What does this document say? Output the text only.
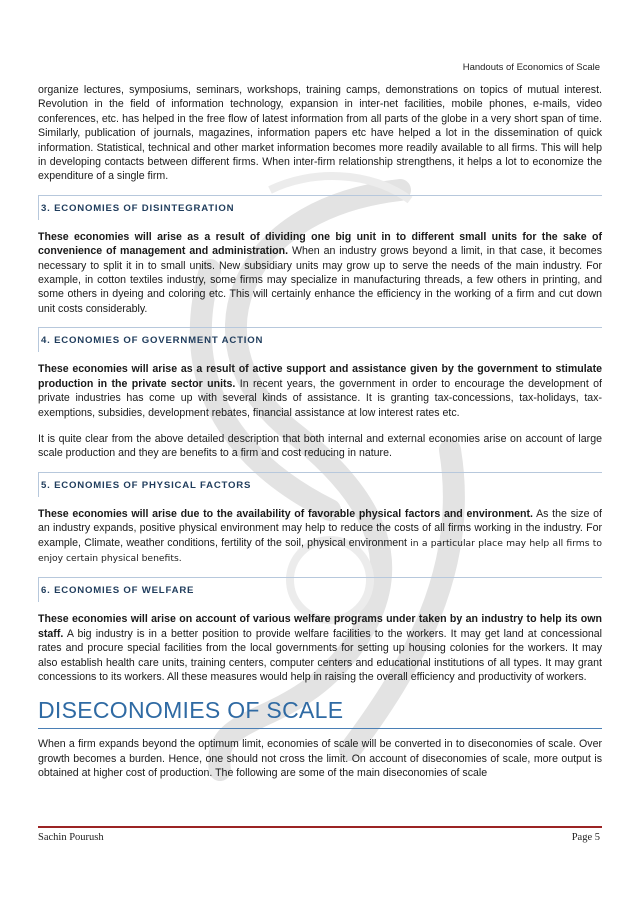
Handouts of Economics of Scale

organize lectures, symposiums, seminars, workshops, training camps, demonstrations on topics of mutual interest. Revolution in the field of information technology, expansion in inter-net facilities, mobile phones, e-mails, video conferences, etc. has helped in the free flow of latest information from all parts of the globe in a very short span of time. Similarly, publication of journals, magazines, information papers etc have helped a lot in the dissemination of quick information. Statistical, technical and other market information becomes more readily available to all firms. This will help in developing contacts between different firms. When inter-firm relationship strengthens, it helps a lot to economize the expenditure of a single firm.

3. ECONOMIES OF DISINTEGRATION

These economies will arise as a result of dividing one big unit in to different small units for the sake of convenience of management and administration. When an industry grows beyond a limit, in that case, it becomes necessary to split it in to small units. New subsidiary units may grow up to serve the needs of the main industry. For example, in cotton textiles industry, some firms may specialize in manufacturing threads, a few others in printing, and some others in dyeing and coloring etc. This will certainly enhance the efficiency in the working of a firm and cut down unit costs considerably.

4. ECONOMIES OF GOVERNMENT ACTION

These economies will arise as a result of active support and assistance given by the government to stimulate production in the private sector units. In recent years, the government in order to encourage the development of private industries has come up with several kinds of assistance. It is granting tax-concessions, tax-holidays, tax-exemptions, subsidies, development rebates, financial assistance at low interest rates etc.

It is quite clear from the above detailed description that both internal and external economies arise on account of large scale production and they are benefits to a firm and cost reducing in nature.

5. ECONOMIES OF PHYSICAL FACTORS

These economies will arise due to the availability of favorable physical factors and environment. As the size of an industry expands, positive physical environment may help to reduce the costs of all firms working in the industry. For example, Climate, weather conditions, fertility of the soil, physical environment in a particular place may help all firms to enjoy certain physical benefits.

6. ECONOMIES OF WELFARE

These economies will arise on account of various welfare programs under taken by an industry to help its own staff. A big industry is in a better position to provide welfare facilities to the workers. It may get land at concessional rates and procure special facilities from the local governments for setting up housing colonies for the workers. It may also establish health care units, training centers, computer centers and educational institutions of all types. It may grant concessions to its workers. All these measures would help in raising the overall efficiency and productivity of workers.

DISECONOMIES OF SCALE

When a firm expands beyond the optimum limit, economies of scale will be converted in to diseconomies of scale. Over growth becomes a burden. Hence, one should not cross the limit. On account of diseconomies of scale, more output is obtained at higher cost of production. The following are some of the main diseconomies of scale

Sachin Pourush	Page 5
